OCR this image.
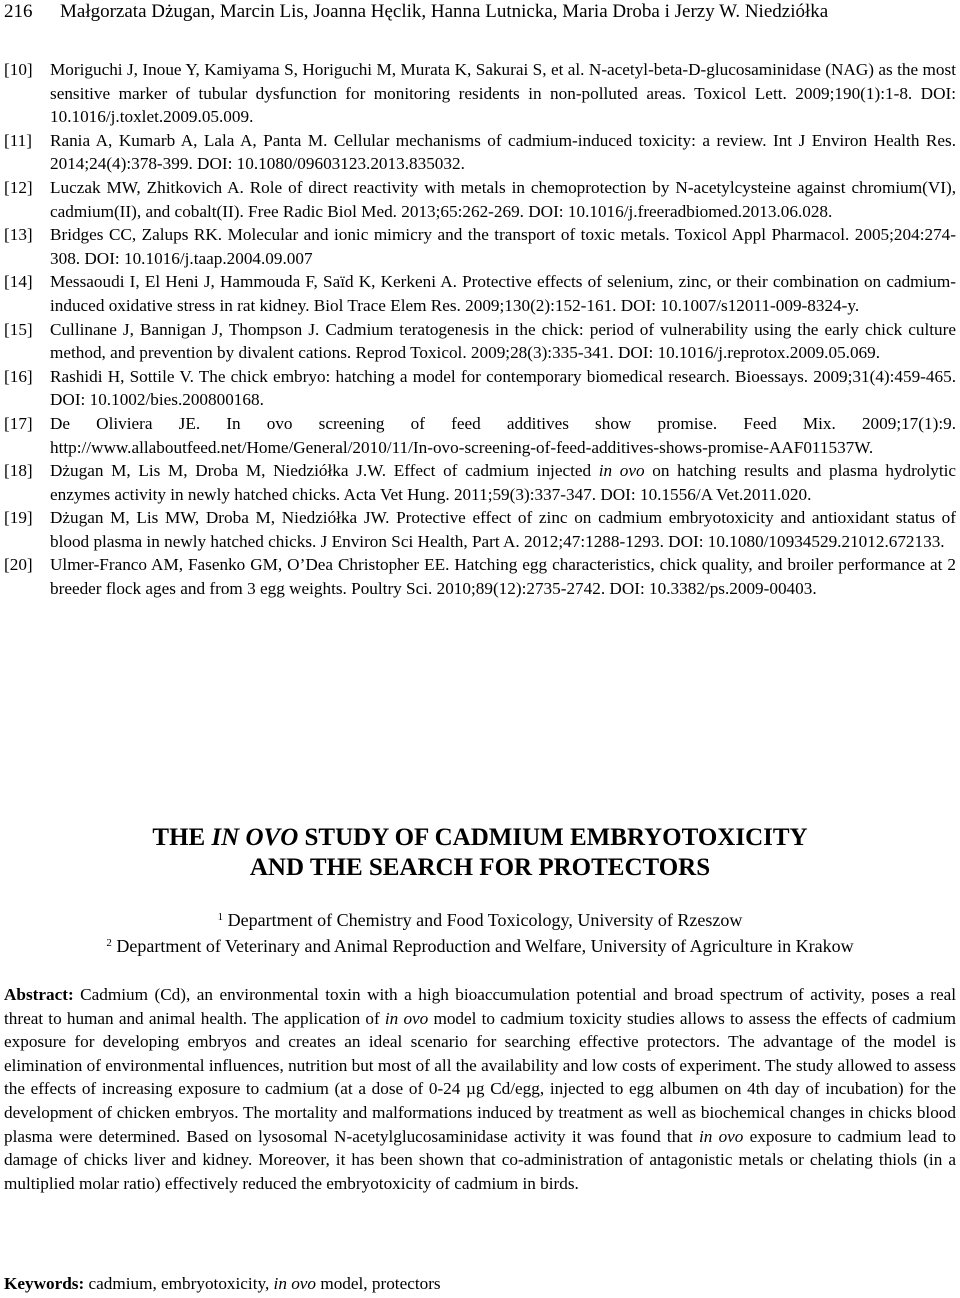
216 Małgorzata Dżugan, Marcin Lis, Joanna Hęclik, Hanna Lutnicka, Maria Droba i Jerzy W. Niedziółka
[10]	Moriguchi J, Inoue Y, Kamiyama S, Horiguchi M, Murata K, Sakurai S, et al. N-acetyl-beta-D-glucosaminidase (NAG) as the most sensitive marker of tubular dysfunction for monitoring residents in non-polluted areas. Toxicol Lett. 2009;190(1):1-8. DOI: 10.1016/j.toxlet.2009.05.009.
[11]	Rania A, Kumarb A, Lala A, Panta M. Cellular mechanisms of cadmium-induced toxicity: a review. Int J Environ Health Res. 2014;24(4):378-399. DOI: 10.1080/09603123.2013.835032.
[12]	Luczak MW, Zhitkovich A. Role of direct reactivity with metals in chemoprotection by N-acetylcysteine against chromium(VI), cadmium(II), and cobalt(II). Free Radic Biol Med. 2013;65:262-269. DOI: 10.1016/j.freeradbiomed.2013.06.028.
[13]	Bridges CC, Zalups RK. Molecular and ionic mimicry and the transport of toxic metals. Toxicol Appl Pharmacol. 2005;204:274-308. DOI: 10.1016/j.taap.2004.09.007
[14]	Messaoudi I, El Heni J, Hammouda F, Saïd K, Kerkeni A. Protective effects of selenium, zinc, or their combination on cadmium-induced oxidative stress in rat kidney. Biol Trace Elem Res. 2009;130(2):152-161. DOI: 10.1007/s12011-009-8324-y.
[15]	Cullinane J, Bannigan J, Thompson J. Cadmium teratogenesis in the chick: period of vulnerability using the early chick culture method, and prevention by divalent cations. Reprod Toxicol. 2009;28(3):335-341. DOI: 10.1016/j.reprotox.2009.05.069.
[16]	Rashidi H, Sottile V. The chick embryo: hatching a model for contemporary biomedical research. Bioessays. 2009;31(4):459-465. DOI: 10.1002/bies.200800168.
[17]	De Oliviera JE. In ovo screening of feed additives show promise. Feed Mix. 2009;17(1):9. http://www.allaboutfeed.net/Home/General/2010/11/In-ovo-screening-of-feed-additives-shows-promise-AAF011537W.
[18]	Dżugan M, Lis M, Droba M, Niedziółka J.W. Effect of cadmium injected in ovo on hatching results and plasma hydrolytic enzymes activity in newly hatched chicks. Acta Vet Hung. 2011;59(3):337-347. DOI: 10.1556/A Vet.2011.020.
[19]	Dżugan M, Lis MW, Droba M, Niedziółka JW. Protective effect of zinc on cadmium embryotoxicity and antioxidant status of blood plasma in newly hatched chicks. J Environ Sci Health, Part A. 2012;47:1288-1293. DOI: 10.1080/10934529.21012.672133.
[20]	Ulmer-Franco AM, Fasenko GM, O’Dea Christopher EE. Hatching egg characteristics, chick quality, and broiler performance at 2 breeder flock ages and from 3 egg weights. Poultry Sci. 2010;89(12):2735-2742. DOI: 10.3382/ps.2009-00403.

THE IN OVO STUDY OF CADMIUM EMBRYOTOXICITY

AND THE SEARCH FOR PROTECTORS

$^1$ Department of Chemistry and Food Toxicology, University of Rzeszow
$^2$ Department of Veterinary and Animal Reproduction and Welfare, University of Agriculture in Krakow

Abstract: Cadmium (Cd), an environmental toxin with a high bioaccumulation potential and broad spectrum of activity, poses a real threat to human and animal health. The application of in ovo model to cadmium toxicity studies allows to assess the effects of cadmium exposure for developing embryos and creates an ideal scenario for searching effective protectors. The advantage of the model is elimination of environmental influences, nutrition but most of all the availability and low costs of experiment. The study allowed to assess the effects of increasing exposure to cadmium (at a dose of 0-24 µg Cd/egg, injected to egg albumen on 4th day of incubation) for the development of chicken embryos. The mortality and malformations induced by treatment as well as biochemical changes in chicks blood plasma were determined. Based on lysosomal N-acetylglucosaminidase activity it was found that in ovo exposure to cadmium lead to damage of chicks liver and kidney. Moreover, it has been shown that co-administration of antagonistic metals or chelating thiols (in a multiplied molar ratio) effectively reduced the embryotoxicity of cadmium in birds.

Keywords: cadmium, embryotoxicity, in ovo model, protectors
